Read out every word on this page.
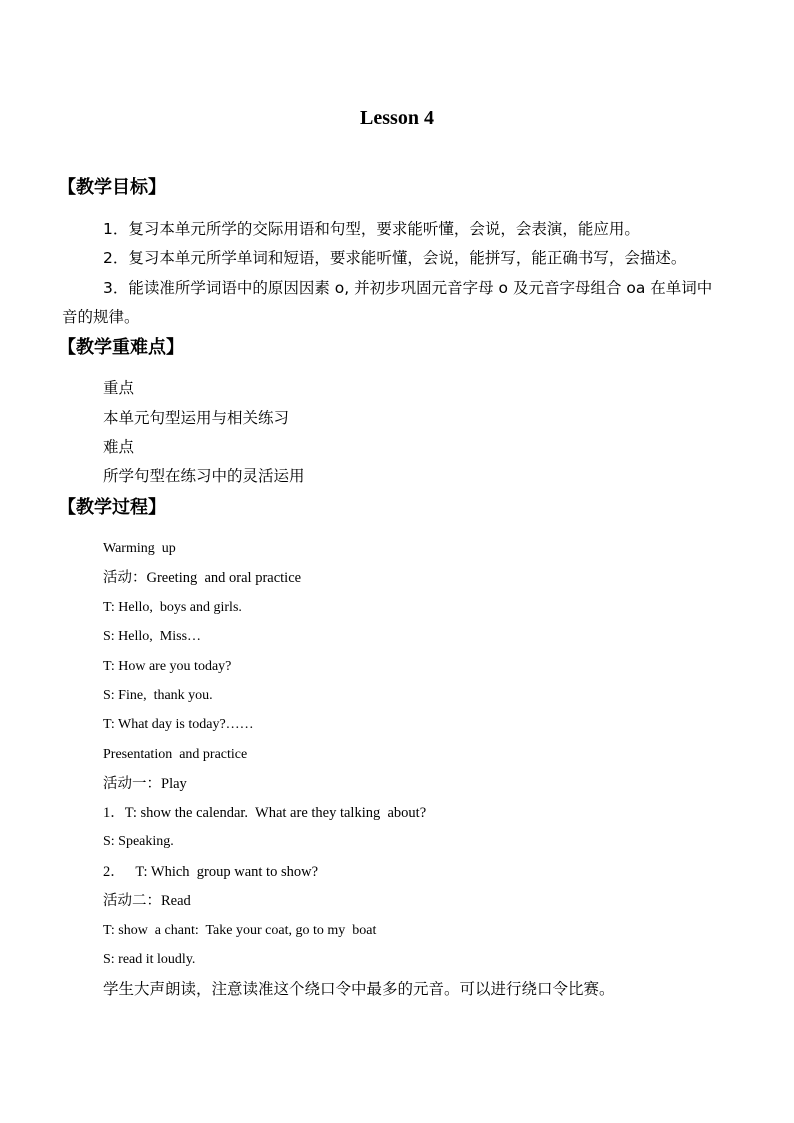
Lesson 4
【教学目标】
1．复习本单元所学的交际用语和句型，要求能听懂，会说，会表演，能应用。
2．复习本单元所学单词和短语，要求能听懂，会说，能拼写，能正确书写，会描述。
3．能读准所学词语中的原因因素 o, 并初步巩固元音字母 o 及元音字母组合 oa 在单词中
音的规律。
【教学重难点】
重点
本单元句型运用与相关练习
难点
所学句型在练习中的灵活运用
【教学过程】
Warming  up
活动：Greeting  and oral practice
T: Hello,  boys and girls.
S: Hello,  Miss…
T: How are you today?
S: Fine,  thank you.
T: What day is today?……
Presentation  and practice
活动一：Play
1．T: show the calendar.  What are they talking  about?
S: Speaking.
2．   T: Which  group want to show?
活动二：Read
T: show  a chant:  Take your coat, go to my  boat
S: read it loudly.
学生大声朗读，注意读准这个绕口令中最多的元音。可以进行绕口令比赛。
